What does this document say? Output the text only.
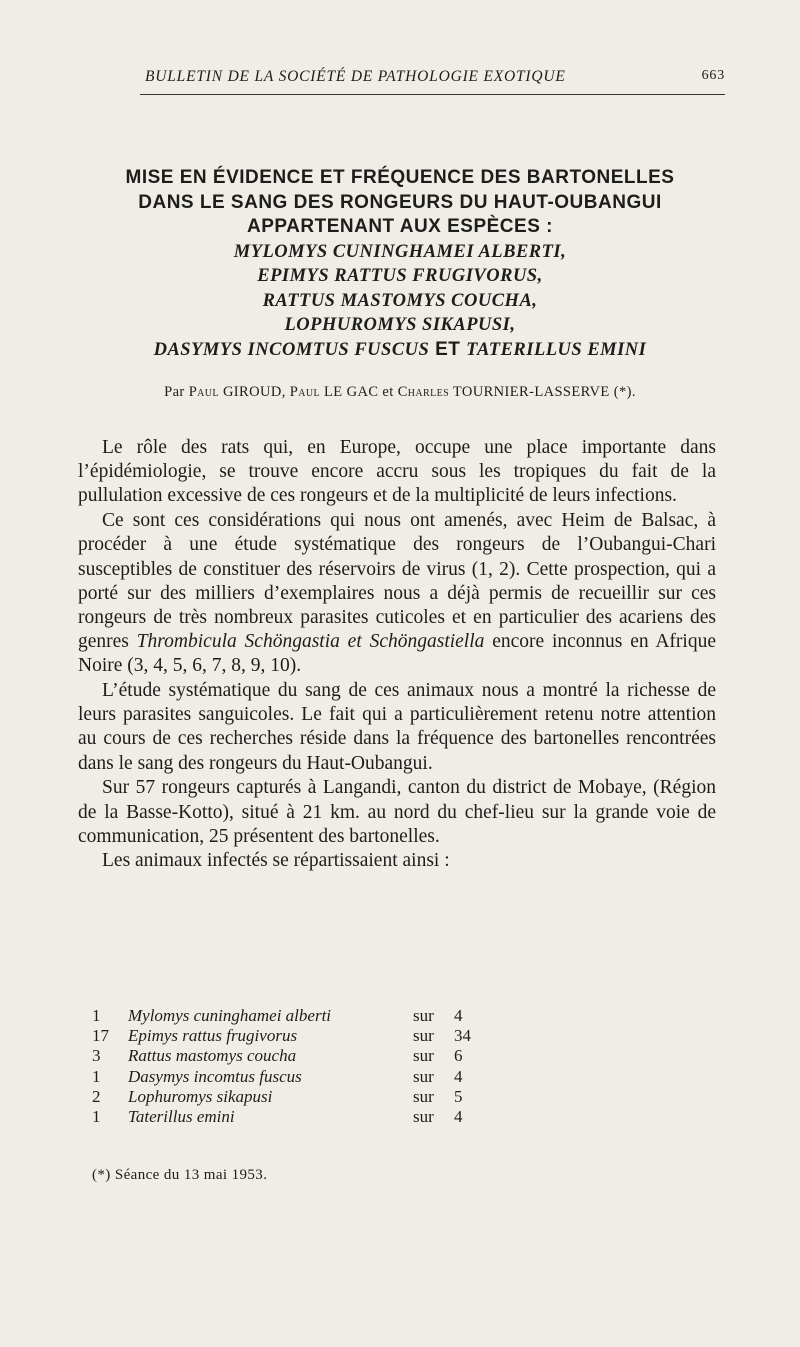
BULLETIN DE LA SOCIÉTÉ DE PATHOLOGIE EXOTIQUE	663
MISE EN ÉVIDENCE ET FRÉQUENCE DES BARTONELLES
DANS LE SANG DES RONGEURS DU HAUT-OUBANGUI
APPARTENANT AUX ESPÈCES :
MYLOMYS CUNINGHAMEI ALBERTI,
EPIMYS RATTUS FRUGIVORUS,
RATTUS MASTOMYS COUCHA,
LOPHUROMYS SIKAPUSI,
DASYMYS INCOMTUS FUSCUS ET TATERILLUS EMINI
Par Paul GIROUD, Paul LE GAC et Charles TOURNIER-LASSERVE (*).

Le rôle des rats qui, en Europe, occupe une place importante dans l’épidémiologie, se trouve encore accru sous les tropiques du fait de la pullulation excessive de ces rongeurs et de la multiplicité de leurs infections.

Ce sont ces considérations qui nous ont amenés, avec Heim de Balsac, à procéder à une étude systématique des rongeurs de l’Oubangui-Chari susceptibles de constituer des réservoirs de virus (1, 2). Cette prospection, qui a porté sur des milliers d’exemplaires nous a déjà permis de recueillir sur ces rongeurs de très nombreux parasites cuticoles et en particulier des acariens des genres Thrombicula Schöngastia et Schöngastiella encore inconnus en Afrique Noire (3, 4, 5, 6, 7, 8, 9, 10).

L’étude systématique du sang de ces animaux nous a montré la richesse de leurs parasites sanguicoles. Le fait qui a particulièrement retenu notre attention au cours de ces recherches réside dans la fréquence des bartonelles rencontrées dans le sang des rongeurs du Haut-Oubangui.

Sur 57 rongeurs capturés à Langandi, canton du district de Mobaye, (Région de la Basse-Kotto), situé à 21 km. au nord du chef-lieu sur la grande voie de communication, 25 présentent des bartonelles.

Les animaux infectés se répartissaient ainsi :

1	Mylomys cuninghamei alberti	sur 4
17	Epimys rattus frugivorus	sur 34
3	Rattus mastomys coucha	sur 6
1	Dasymys incomtus fuscus	sur 4
2	Lophuromys sikapusi	sur 5
1	Taterillus emini	sur 4
(*) Séance du 13 mai 1953.
